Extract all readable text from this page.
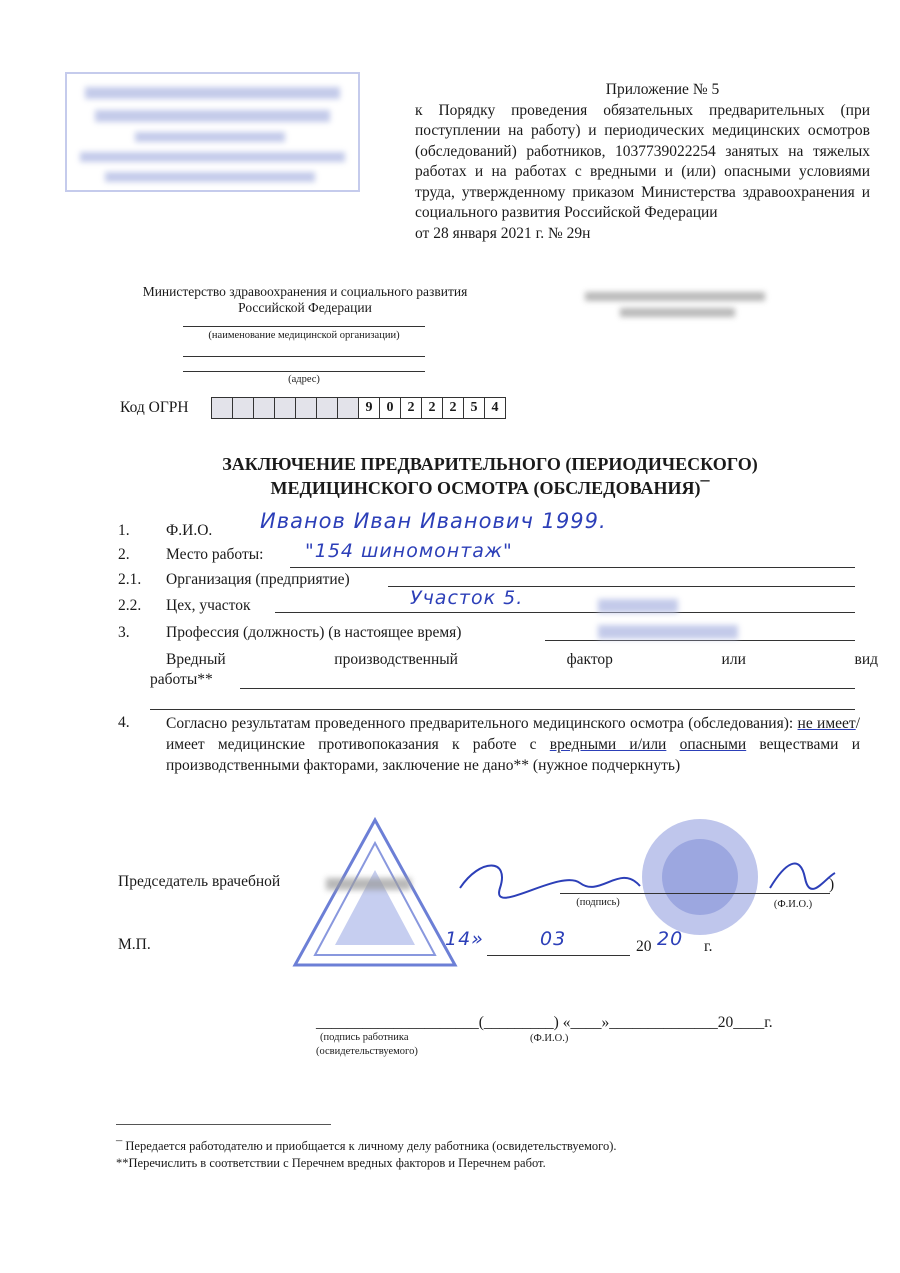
Приложение № 5
к Порядку проведения обязательных предварительных (при поступлении на работу) и периодических медицинских осмотров (обследований) работников, 1037739022254 занятых на тяжелых работах и на работах с вредными и (или) опасными условиями труда, утвержденному приказом Министерства здравоохранения и социального развития Российской Федерации
от 28 января 2021 г. № 29н
Министерство здравоохранения и социального развития Российской Федерации
(наименование медицинской организации)
(адрес)
Код ОГРН	9	0	2	2	2	5	4
ЗАКЛЮЧЕНИЕ ПРЕДВАРИТЕЛЬНОГО (ПЕРИОДИЧЕСКОГО)
МЕДИЦИНСКОГО ОСМОТРА (ОБСЛЕДОВАНИЯ)¯
1. Ф.И.О. Иванов Иван Иванович 1999.
2. Место работы: "154 шиномонтаж"
2.1. Организация (предприятие)
2.2. Цех, участок	Участок 5.
3. Профессия (должность) (в настоящее время)
Вредный	производственный	фактор	или	вид
работы**
4. Согласно результатам проведенного предварительного медицинского осмотра (обследования): не имеет/имеет медицинские противопоказания к работе с вредными и/или опасными веществами и производственными факторами, заключение не дано** (нужное подчеркнуть)
Председатель врачебной	)
(подпись)	(Ф.И.О.)
М.П.	14»	03	20 20 г.
_____________________(_________) «____»______________20____г.
(подпись работника
(освидетельствуемого)
(Ф.И.О.)
¯ Передается работодателю и приобщается к личному делу работника (освидетельствуемого).
**Перечислить в соответствии с Перечнем вредных факторов и Перечнем работ.
